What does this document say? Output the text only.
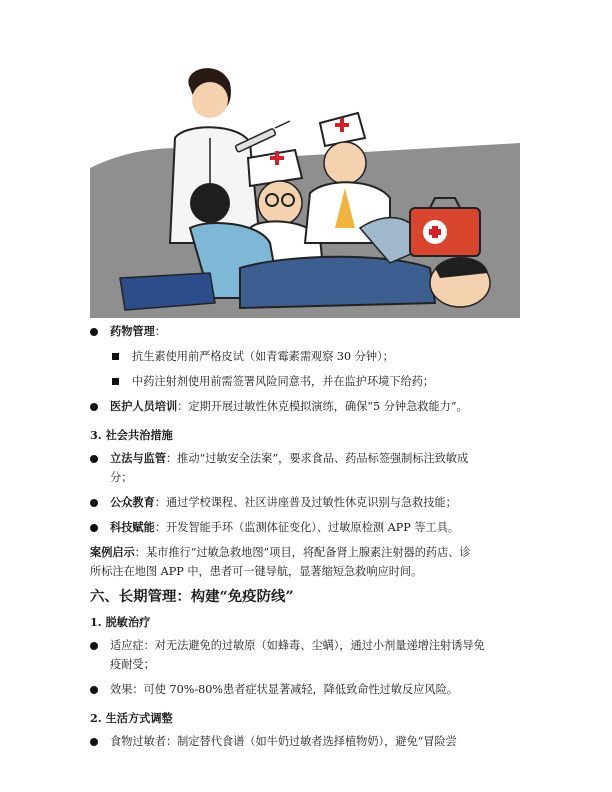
药物管理：
抗生素使用前严格皮试（如青霉素需观察 30 分钟）；
中药注射剂使用前需签署风险同意书，并在监护环境下给药；
医护人员培训：定期开展过敏性休克模拟演练，确保“5 分钟急救能力”。
3. 社会共治措施
立法与监管：推动“过敏安全法案”，要求食品、药品标签强制标注致敏成
分；
公众教育：通过学校课程、社区讲座普及过敏性休克识别与急救技能；
科技赋能：开发智能手环（监测体征变化）、过敏原检测 APP 等工具。
案例启示：某市推行“过敏急救地图”项目，将配备肾上腺素注射器的药店、诊
所标注在地图 APP 中，患者可一键导航，显著缩短急救响应时间。
六、长期管理：构建“免疫防线”
1. 脱敏治疗
适应症：对无法避免的过敏原（如蜂毒、尘螨），通过小剂量递增注射诱导免
疫耐受；
效果：可使 70%-80%患者症状显著减轻，降低致命性过敏反应风险。
2. 生活方式调整
食物过敏者：制定替代食谱（如牛奶过敏者选择植物奶），避免“冒险尝
